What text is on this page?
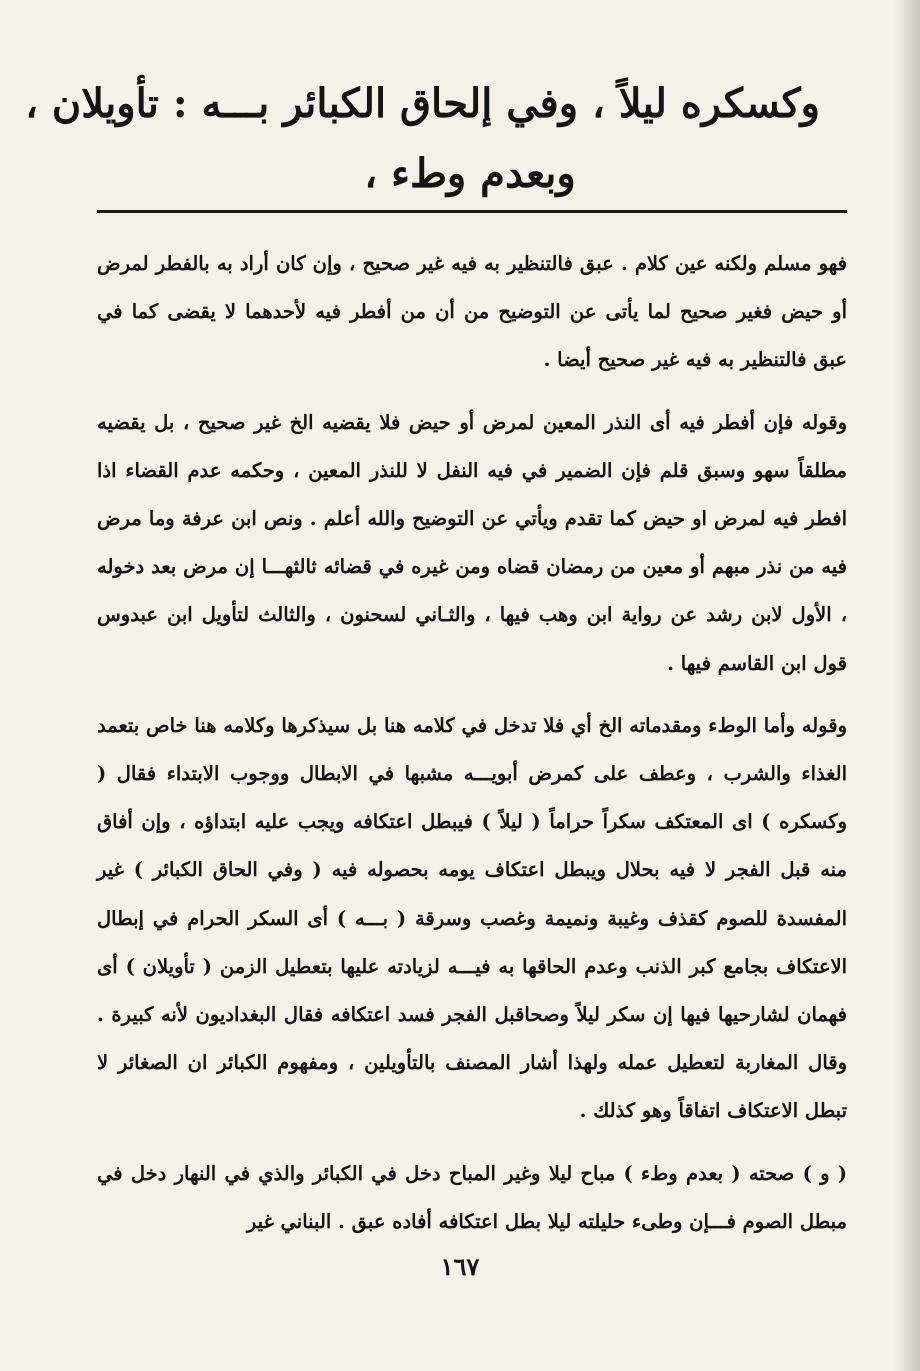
وكسكره ليلاً ، وفي إلحاق الكبائر بـــه : تأويلان ،
وبعدم وطء ،

فهو مسلم ولكنه عين كلام . عبق فالتنظير به فيه غير صحيح ، وإن كان أراد به بالفطر لمرض أو حيض فغير صحيح لما يأتى عن التوضيح من أن من أفطر فيه لأحدهما لا يقضى كما في عبق فالتنظير به فيه غير صحيح أيضا .

وقوله فإن أفطر فيه أى النذر المعين لمرض أو حيض فلا يقضيه الخ غير صحيح ، بل يقضيه مطلقاً سهو وسبق قلم فإن الضمير في فيه النفل لا للنذر المعين ، وحكمه عدم القضاء اذا افطر فيه لمرض او حيض كما تقدم ويأتي عن التوضيح والله أعلم . ونص ابن عرفة وما مرض فيه من نذر مبهم أو معين من رمضان قضاه ومن غيره في قضائه ثالثهـــا إن مرض بعد دخوله ، الأول لابن رشد عن رواية ابن وهب فيها ، والثـاني لسحنون ، والثالث لتأويل ابن عبدوس قول ابن القاسم فيها .

وقوله وأما الوطء ومقدماته الخ أي فلا تدخل في كلامه هنا بل سيذكرها وكلامه هنا خاص بتعمد الغذاء والشرب ، وعطف على كمرض أبويـــه مشبها في الابطال ووجوب الابتداء فقال ( وكسكره ) اى المعتكف سكراً حراماً ( ليلاً ) فيبطل اعتكافه ويجب عليه ابتداؤه ، وإن أفاق منه قبل الفجر لا فيه بحلال ويبطل اعتكاف يومه بحصوله فيه ( وفي الحاق الكبائر ) غير المفسدة للصوم كقذف وغيبة ونميمة وغصب وسرقة ( بـــه ) أى السكر الحرام في إبطال الاعتكاف بجامع كبر الذنب وعدم الحاقها به فيـــه لزيادته عليها بتعطيل الزمن ( تأويلان ) أى فهمان لشارحيها فيها إن سكر ليلاً وصحاقبل الفجر فسد اعتكافه فقال البغداديون لأنه كبيرة . وقال المغاربة لتعطيل عمله ولهذا أشار المصنف بالتأويلين ، ومفهوم الكبائر ان الصغائر لا تبطل الاعتكاف اتفاقاً وهو كذلك .

( و ) صحته ( بعدم وطء ) مباح ليلا وغير المباح دخل في الكبائر والذي في النهار دخل في مبطل الصوم فـــإن وطىء حليلته ليلا بطل اعتكافه أفاده عبق . البناني غير

١٦٧
